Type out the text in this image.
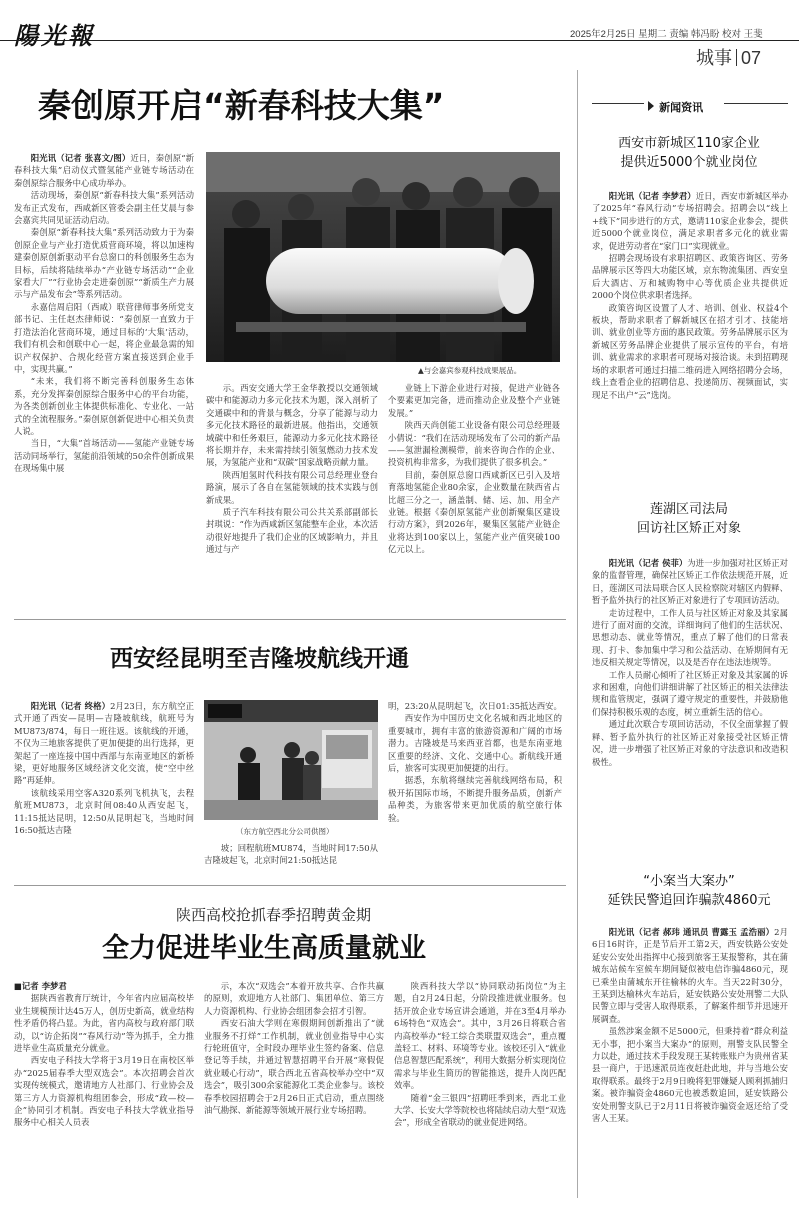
陽光報	2025年2月25日 星期二 责编 韩冯盼 校对 王斐
城事 07
秦创原开启“新春科技大集”

阳光讯（记者 张喜文/图）近日，秦创原“新春科技大集”启动仪式暨氢能产业链专场活动在秦创原综合服务中心成功举办。

活动现场，秦创原“新春科技大集”系列活动发布正式发布，西咸新区管委会副主任艾晨与参会嘉宾共同见证活动启动。

秦创原“新春科技大集”系列活动致力于为秦创原企业与产业打造优质营商环境，将以加速构建秦创原创新驱动平台总窗口的科创服务生态为目标，后续将陆续举办“产业链专场活动”“企业家看大厂”“行业协会走进秦创原”“新质生产力展示与产品发布会”等系列活动。

永嘉信周启阳（西咸）联营律师事务所党支部书记、主任赵杰律师说：“秦创原一直致力于打造法治化营商环境，通过目标的‘大集’活动，我们有机会和创联中心一起，将企业最急需的知识产权保护、合规化经营方案直接送到企业手中，实现共赢。”

“未来，我们将不断完善科创服务生态体系，充分发挥秦创原综合服务中心的平台功能，为各类创新创业主体提供标准化、专业化、一站式的全流程服务。”秦创原创新促进中心相关负责人说。

当日，“大集”首场活动——氢能产业链专场活动同场举行，氢能前沿领域的50余件创新成果在现场集中展

▲与会嘉宾参观科技成果展品。

示。西安交通大学王金华教授以交通领域碳中和能源动力多元化技术为题，深入剖析了交通碳中和的背景与概念，分享了能源与动力多元化技术路径的最新进展。他指出，交通领域碳中和任务艰巨，能源动力多元化技术路径将长期并存，未来需持续引领氢燃动力技术发展，为氢能产业和“双碳”国家战略贡献力量。

陕西旭氢时代科技有限公司总经理业登台路演，展示了各自在氢能领域的技术实践与创新成果。

质子汽车科技有限公司公共关系部副部长封琪说：“作为西咸新区氢能整车企业，本次活动很好地提升了我们企业的区域影响力，并且通过与产

业链上下游企业进行对接，促进产业链各个要素更加完备，进而推动企业及整个产业链发展。”

陕西天尚创能工业设备有限公司总经理聂小倩说：“我们在活动现场发布了公司的新产品——氢泄漏检测模带，前来咨询合作的企业、投资机构非常多，为我们提供了很多机会。”

目前，秦创原总窗口西咸新区已引入及培育落地氢能企业80余家，企业数量在陕西省占比超三分之一，涵盖制、储、运、加、用全产业链。根据《秦创原氢能产业创新聚集区建设行动方案》，到2026年，聚集区氢能产业链企业将达到100家以上，氢能产业产值突破100亿元以上。

西安经昆明至吉隆坡航线开通

阳光讯（记者 终格）2月23日，东方航空正式开通了西安—昆明—吉隆坡航线，航班号为MU873/874，每日一班往返。该航线的开通，不仅为三地旅客提供了更加便捷的出行选择，更架起了一座连接中国中西部与东南亚地区的新桥梁，更好地服务区域经济文化交流，使“空中丝路”再延伸。

该航线采用空客A320系列飞机执飞，去程航班MU873，北京时间08:40从西安起飞，11:15抵达昆明，12:50从昆明起飞，当地时间16:50抵达吉隆	（东方航空西北分公司供图）

坡；回程航班MU874，当地时间17:50从吉隆坡起飞，北京时间21:50抵达昆

明，23:20从昆明起飞，次日01:35抵达西安。

西安作为中国历史文化名城和西北地区的重要城市，拥有丰富的旅游资源和广阔的市场潜力。吉隆坡是马来西亚首都，也是东南亚地区重要的经济、文化、交通中心。新航线开通后，旅客可实现更加便捷的出行。

据悉，东航将继续完善航线网络布局，积极开拓国际市场，不断提升服务品质，创新产品种类，为旅客带来更加优质的航空旅行体验。

陕西高校抢抓春季招聘黄金期
全力促进毕业生高质量就业

■记者 李梦君

据陕西省教育厅统计，今年省内应届高校毕业生规模预计达45万人，创历史新高，就业结构性矛盾仍将凸显。为此，省内高校与政府部门联动，以“访企拓岗”“春风行动”等为抓手，全力推进毕业生高质量充分就业。

西安电子科技大学将于3月19日在南校区举办“2025届春季大型双选会”。本次招聘会首次实现传统模式，邀请地方人社部门、行业协会及第三方人力资源机构组团参会，形成“政—校—企”协同引才机制。西安电子科技大学就业指导服务中心相关人员表

示，本次“双选会”本着开放共享、合作共赢的原则，欢迎地方人社部门、集团单位、第三方人力资源机构、行业协会组团参会招才引智。

西安石油大学则在寒假期间创新推出了“就业服务不打烊”工作机制，就业创业指导中心实行轮班值守，全时段办理毕业生签约备案、信息登记等手续，并通过智慧招聘平台开展“寒假促就业暖心行动”，联合西北五省高校举办空中“双选会”，吸引300余家能源化工类企业参与。该校春季校园招聘会于2月26日正式启动，重点围绕油气勘探、新能源等领域开展行业专场招聘。

陕西科技大学以“协同联动拓岗位”为主题，自2月24日起，分阶段推进就业服务。包括开放企业专场宣讲会通道，并在3至4月举办6场特色“双选会”。其中，3月26日将联合省内高校举办“轻工综合类联盟双选会”，重点覆盖轻工、材料、环境等专业。该校还引入“就业信息智慧匹配系统”，利用大数据分析实现岗位需求与毕业生简历的智能推送，提升人岗匹配效率。

随着“金三银四”招聘旺季到来，西北工业大学、长安大学等院校也将陆续启动大型“双选会”，形成全省联动的就业促进网络。

新闻资讯
西安市新城区110家企业
提供近5000个就业岗位

阳光讯（记者 李梦君）近日，西安市新城区举办了2025年“春风行动”专场招聘会。招聘会以“线上+线下”同步进行的方式，邀请110家企业参会，提供近5000个就业岗位，满足求职者多元化的就业需求，促进劳动者在“家门口”实现就业。

招聘会现场设有求职招聘区、政策咨询区、劳务品牌展示区等四大功能区域，京东物流集团、西安皇后大酒店、万和城购物中心等优质企业共提供近2000个岗位供求职者选择。

政策咨询区设置了人才、培训、创业、权益4个板块，帮助求职者了解新城区在招才引才、技能培训、就业创业等方面的惠民政策。劳务品牌展示区为新城区劳务品牌企业提供了展示宣传的平台，有培训、就业需求的求职者可现场对接洽谈。未到招聘现场的求职者可通过扫描二维码进入网络招聘分会场，线上查看企业的招聘信息、投递简历、视频面试，实现足不出户“云”选岗。

莲湖区司法局
回访社区矫正对象

阳光讯（记者 侯菲）为进一步加强对社区矫正对象的监督管理，确保社区矫正工作依法规范开展，近日，莲湖区司法局联合区人民检察院对辖区内假释、暂予监外执行的社区矫正对象进行了专项回访活动。

走访过程中，工作人员与社区矫正对象及其家属进行了面对面的交流，详细询问了他们的生活状况、思想动态、就业等情况，重点了解了他们的日常表现、打卡、参加集中学习和公益活动、在矫期间有无违反相关规定等情况，以及是否存在违法违规等。

工作人员耐心倾听了社区矫正对象及其家属的诉求和困难，向他们讲细讲解了社区矫正的相关法律法规和监管规定，强调了遵守规定的重要性，并鼓励他们保持积极乐观的态度，树立重新生活的信心。

通过此次联合专项回访活动，不仅全面掌握了假释、暂予监外执行的社区矫正对象接受社区矫正情况，进一步增强了社区矫正对象的守法意识和改造积极性。

“小案当大案办”
延铁民警追回诈骗款4860元

阳光讯（记者 郝玮 通讯员 曹露玉 孟浩丽）2月6日16时许，正是节后开工第2天，西安铁路公安处延安公安处出指挥中心接到旅客王某报警称，其在蒲城东站候车室候车期间疑似被电信诈骗4860元，现已乘坐由蒲城东开往榆林的火车。当天22时30分，王某到达榆林火车站后，延安铁路公安处刑警二大队民警立即与受害人取得联系，了解案件细节并迅速开展调查。

虽然涉案金额不足5000元，但秉持着“群众利益无小事，把小案当大案办”的原则，刑警支队民警全力以赴，通过技术手段发现王某转账账户为贵州省某县一商户，于迅速派员连夜赶赴此地，并与当地公安取得联系。最终于2月9日晚将犯罪嫌疑人顾利抓捕归案。被诈骗资金4860元也被悉数追回，延安铁路公安处刑警支队已于2月11日将被诈骗资金返还给了受害人王某。
